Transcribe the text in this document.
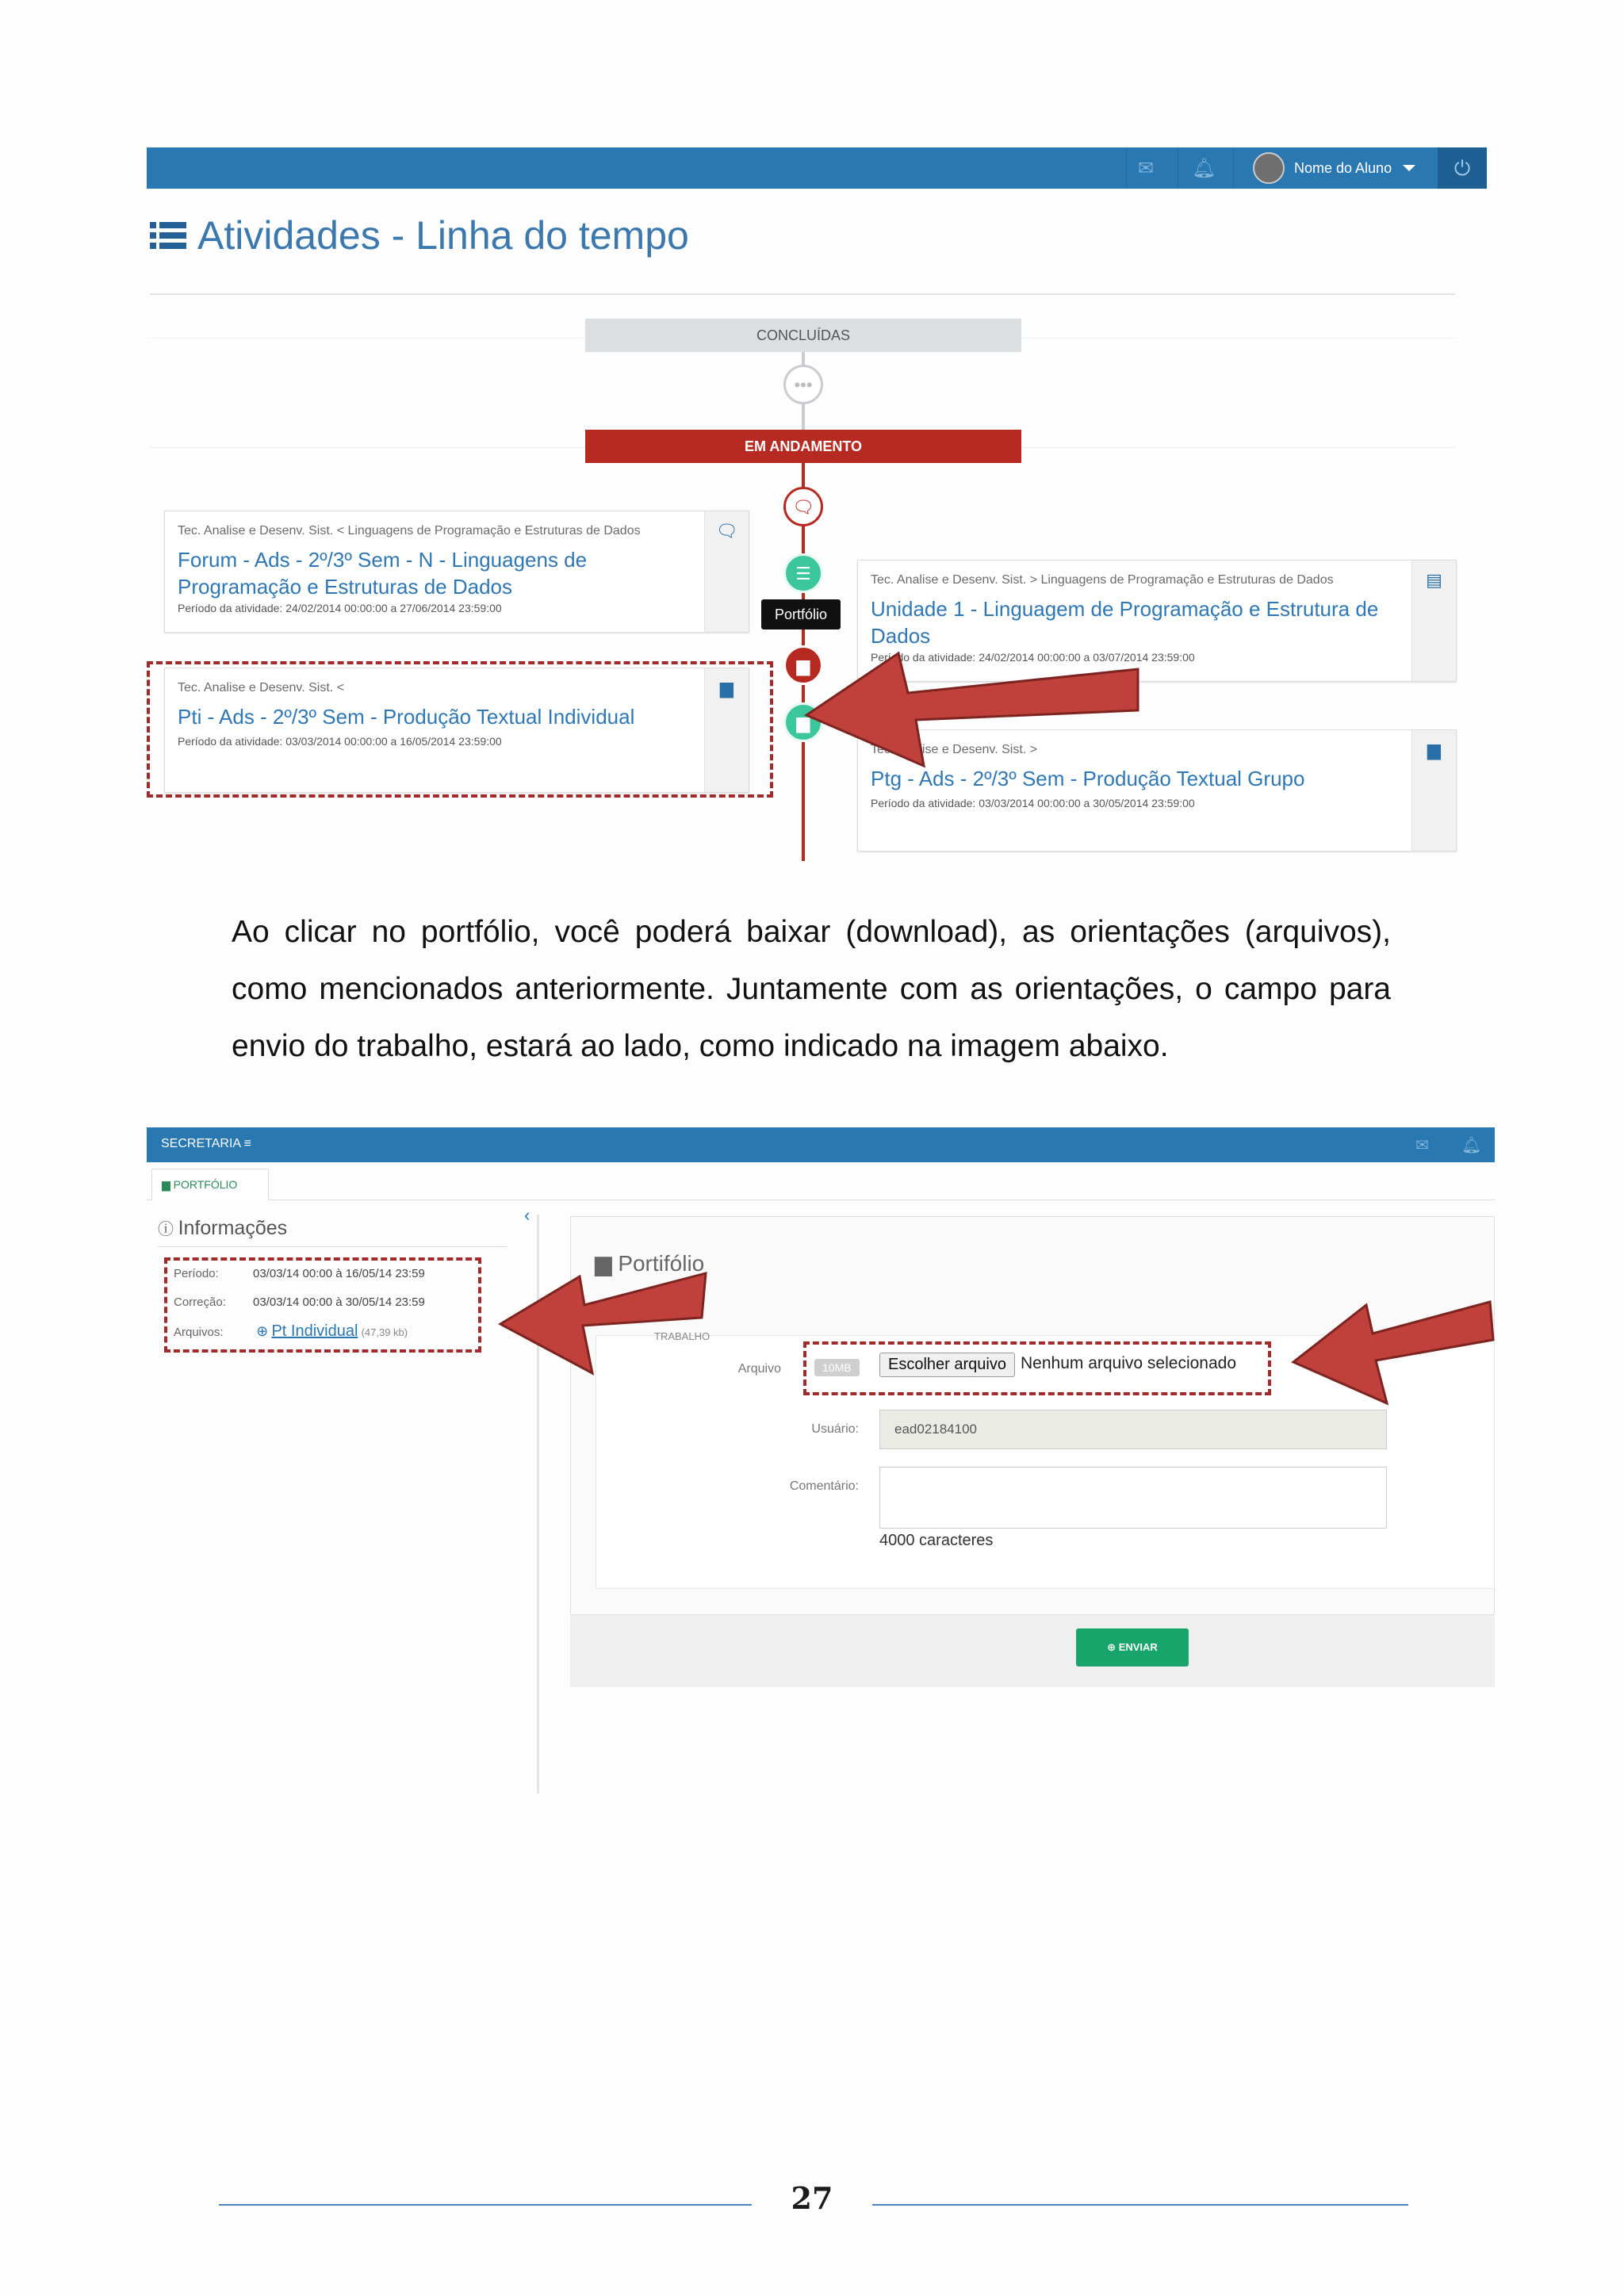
✉ 🔔︎	Nome do Aluno	⏻
Atividades - Linha do tempo
CONCLUÍDAS
•••
EM ANDAMENTO
🗨︎
☰
▆
▆
Portfólio
Tec. Analise e Desenv. Sist. < Linguagens de Programação e Estruturas de Dados
Forum - Ads - 2º/3º Sem - N - Linguagens de Programação e Estruturas de Dados
Período da atividade: 24/02/2014 00:00:00 a 27/06/2014 23:59:00
🗨︎
Tec. Analise e Desenv. Sist. > Linguagens de Programação e Estruturas de Dados
Unidade 1 - Linguagem de Programação e Estrutura de Dados
Período da atividade: 24/02/2014 00:00:00 a 03/07/2014 23:59:00
▤
Tec. Analise e Desenv. Sist. <
Pti - Ads - 2º/3º Sem - Produção Textual Individual
Período da atividade: 03/03/2014 00:00:00 a 16/05/2014 23:59:00
▆
Tec. Analise e Desenv. Sist. >
Ptg - Ads - 2º/3º Sem - Produção Textual Grupo
Período da atividade: 03/03/2014 00:00:00 a 30/05/2014 23:59:00
▆

Ao clicar no portfólio, você poderá baixar (download), as orientações (arquivos), como mencionados anteriormente. Juntamente com as orientações, o campo para envio do trabalho, estará ao lado, como indicado na imagem abaixo.

SECRETARIA ≡	✉ 🔔︎
▆ PORTFÓLIO
‹
ⓘ Informações
Período:	03/03/14 00:00 à 16/05/14 23:59
Correção: 03/03/14 00:00 à 30/05/14 23:59
Arquivos: ⊕ Pt Individual (47,39 kb)
▆ Portifólio
TRABALHO
Arquivo	10MB	Escolher arquivo Nenhum arquivo selecionado
Usuário:	ead02184100
Comentário:
4000 caracteres
⊕ ENVIAR
27
